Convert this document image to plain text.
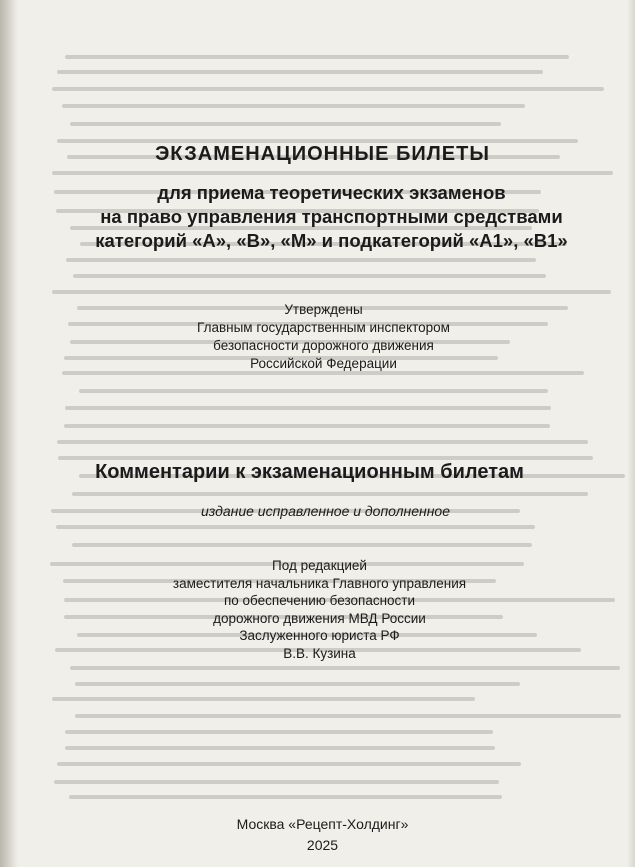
ЭКЗАМЕНАЦИОННЫЕ БИЛЕТЫ
для приема теоретических экзаменов
на право управления транспортными средствами
категорий «А», «В», «М» и подкатегорий «А1», «В1»
Утверждены
Главным государственным инспектором
безопасности дорожного движения
Российской Федерации
Комментарии к экзаменационным билетам
издание исправленное и дополненное
Под редакцией
заместителя начальника Главного управления
по обеспечению безопасности
дорожного движения МВД России
Заслуженного юриста РФ
В.В. Кузина
Москва «Рецепт-Холдинг»
2025
